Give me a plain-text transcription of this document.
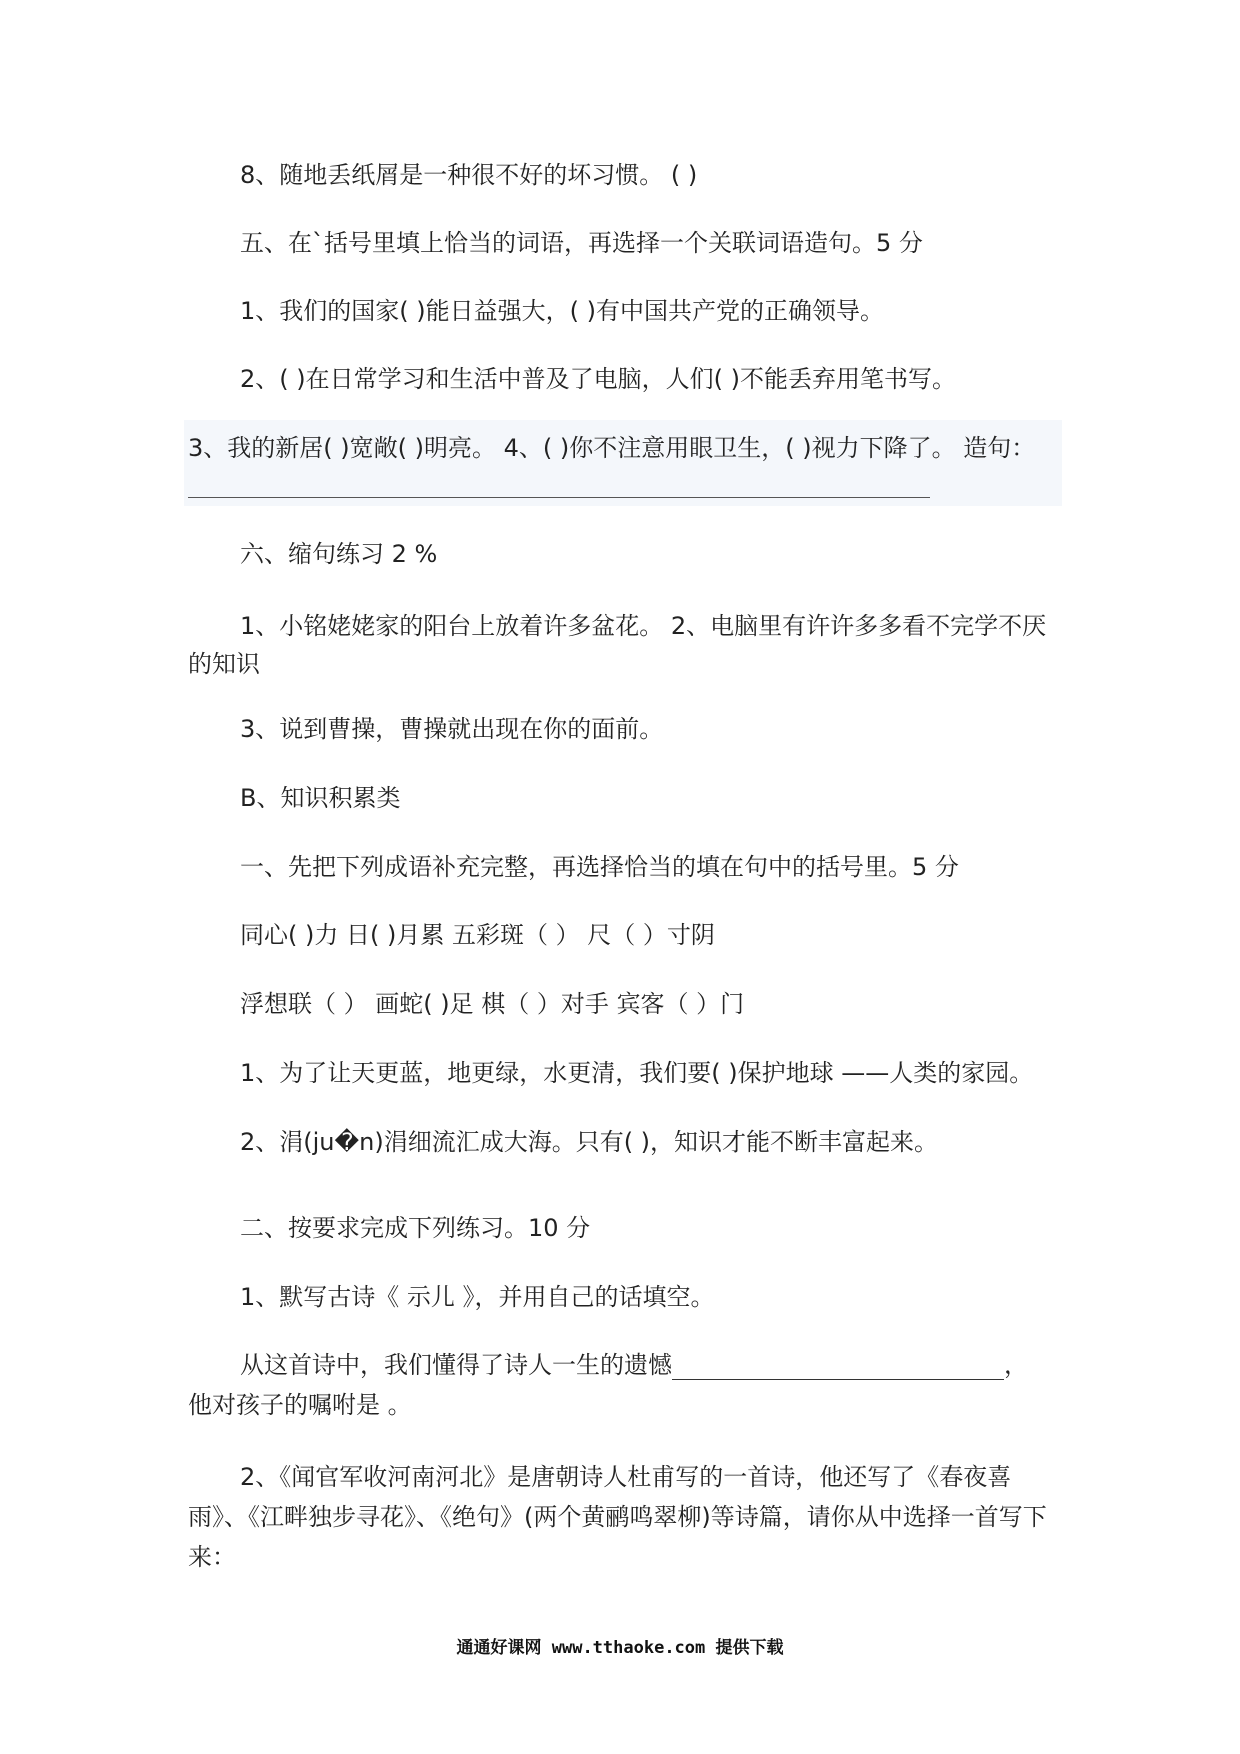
8、随地丢纸屑是一种很不好的坏习惯。 ( )
五、在`括号里填上恰当的词语，再选择一个关联词语造句。5 分
1、我们的国家( )能日益强大，( )有中国共产党的正确领导。
2、( )在日常学习和生活中普及了电脑，人们( )不能丢弃用笔书写。
3、我的新居( )宽敞( )明亮。 4、( )你不注意用眼卫生，( )视力下降了。 造句：
六、缩句练习 2 %
1、小铭姥姥家的阳台上放着许多盆花。 2、电脑里有许许多多看不完学不厌的知识
3、说到曹操，曹操就出现在你的面前。
B、知识积累类
一、先把下列成语补充完整，再选择恰当的填在句中的括号里。5 分
同心( )力 日( )月累 五彩斑（ ） 尺（ ）寸阴
浮想联（ ） 画蛇( )足 棋（ ）对手 宾客（ ）门
1、为了让天更蓝，地更绿，水更清，我们要( )保护地球 ——人类的家园。
2、涓(ju�n)涓细流汇成大海。只有( )，知识才能不断丰富起来。
二、按要求完成下列练习。10 分
1、默写古诗《 示儿 》，并用自己的话填空。
从这首诗中，我们懂得了诗人一生的遗憾	，
他对孩子的嘱咐是 。
2、《闻官军收河南河北》是唐朝诗人杜甫写的一首诗，他还写了《春夜喜雨》、《江畔独步寻花》、《绝句》(两个黄鹂鸣翠柳)等诗篇，请你从中选择一首写下来：
通通好课网 www.tthaoke.com 提供下载
